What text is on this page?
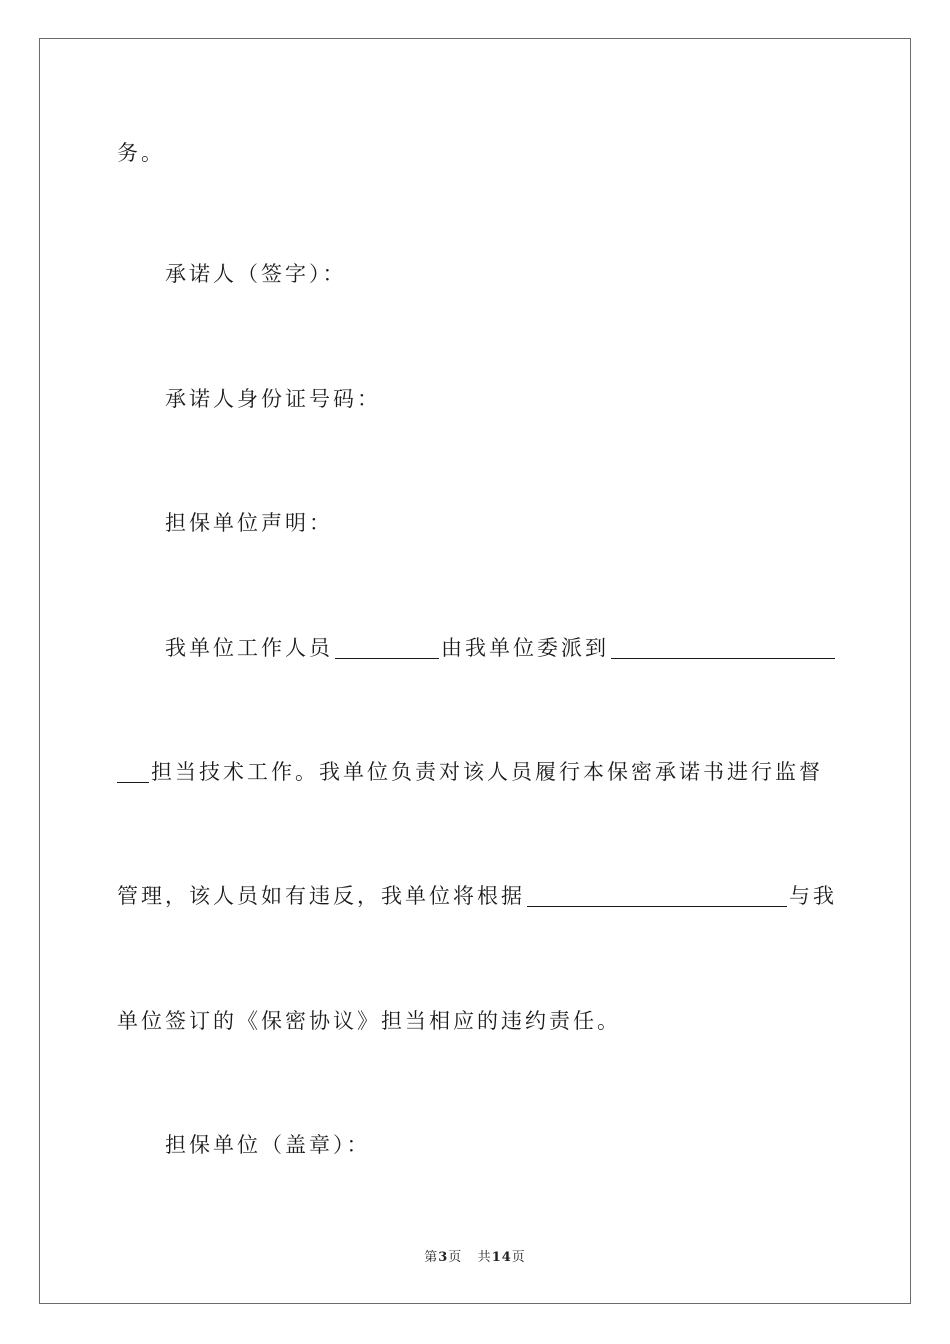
务。
承诺人（签字）：
承诺人身份证号码：
担保单位声明：
我单位工作人员	由我单位委派到
担当技术工作。我单位负责对该人员履行本保密承诺书进行监督
管理，该人员如有违反，我单位将根据	与我
单位签订的《保密协议》担当相应的违约责任。
担保单位（盖章）：
第3页 共14页
